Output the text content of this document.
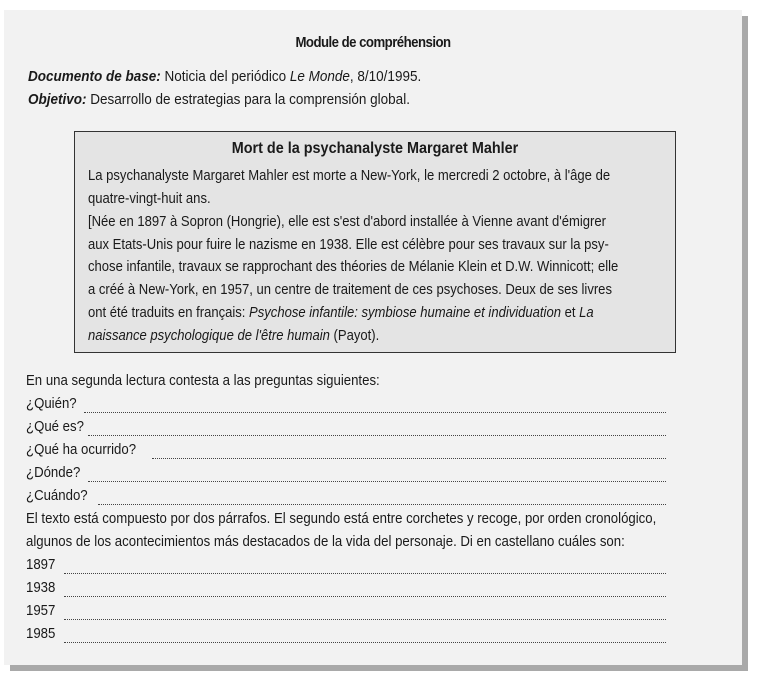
Module de compréhension
Documento de base: Noticia del periódico Le Monde, 8/10/1995.
Objetivo: Desarrollo de estrategias para la comprensión global.
Mort de la psychanalyste Margaret Mahler
La psychanalyste Margaret Mahler est morte a New-York, le mercredi 2 octobre, à l'âge de
quatre-vingt-huit ans.
[Née en 1897 à Sopron (Hongrie), elle est s'est d'abord installée à Vienne avant d'émigrer
aux Etats-Unis pour fuire le nazisme en 1938. Elle est célèbre pour ses travaux sur la psy-
chose infantile, travaux se rapprochant des théories de Mélanie Klein et D.W. Winnicott; elle
a créé à New-York, en 1957, un centre de traitement de ces psychoses. Deux de ses livres
ont été traduits en français: Psychose infantile: symbiose humaine et individuation et La
naissance psychologique de l'être humain (Payot).
En una segunda lectura contesta a las preguntas siguientes:
¿Quién?
¿Qué es?
¿Qué ha ocurrido?
¿Dónde?
¿Cuándo?
El texto está compuesto por dos párrafos. El segundo está entre corchetes y recoge, por orden cronológico,
algunos de los acontecimientos más destacados de la vida del personaje. Di en castellano cuáles son:
1897
1938
1957
1985
